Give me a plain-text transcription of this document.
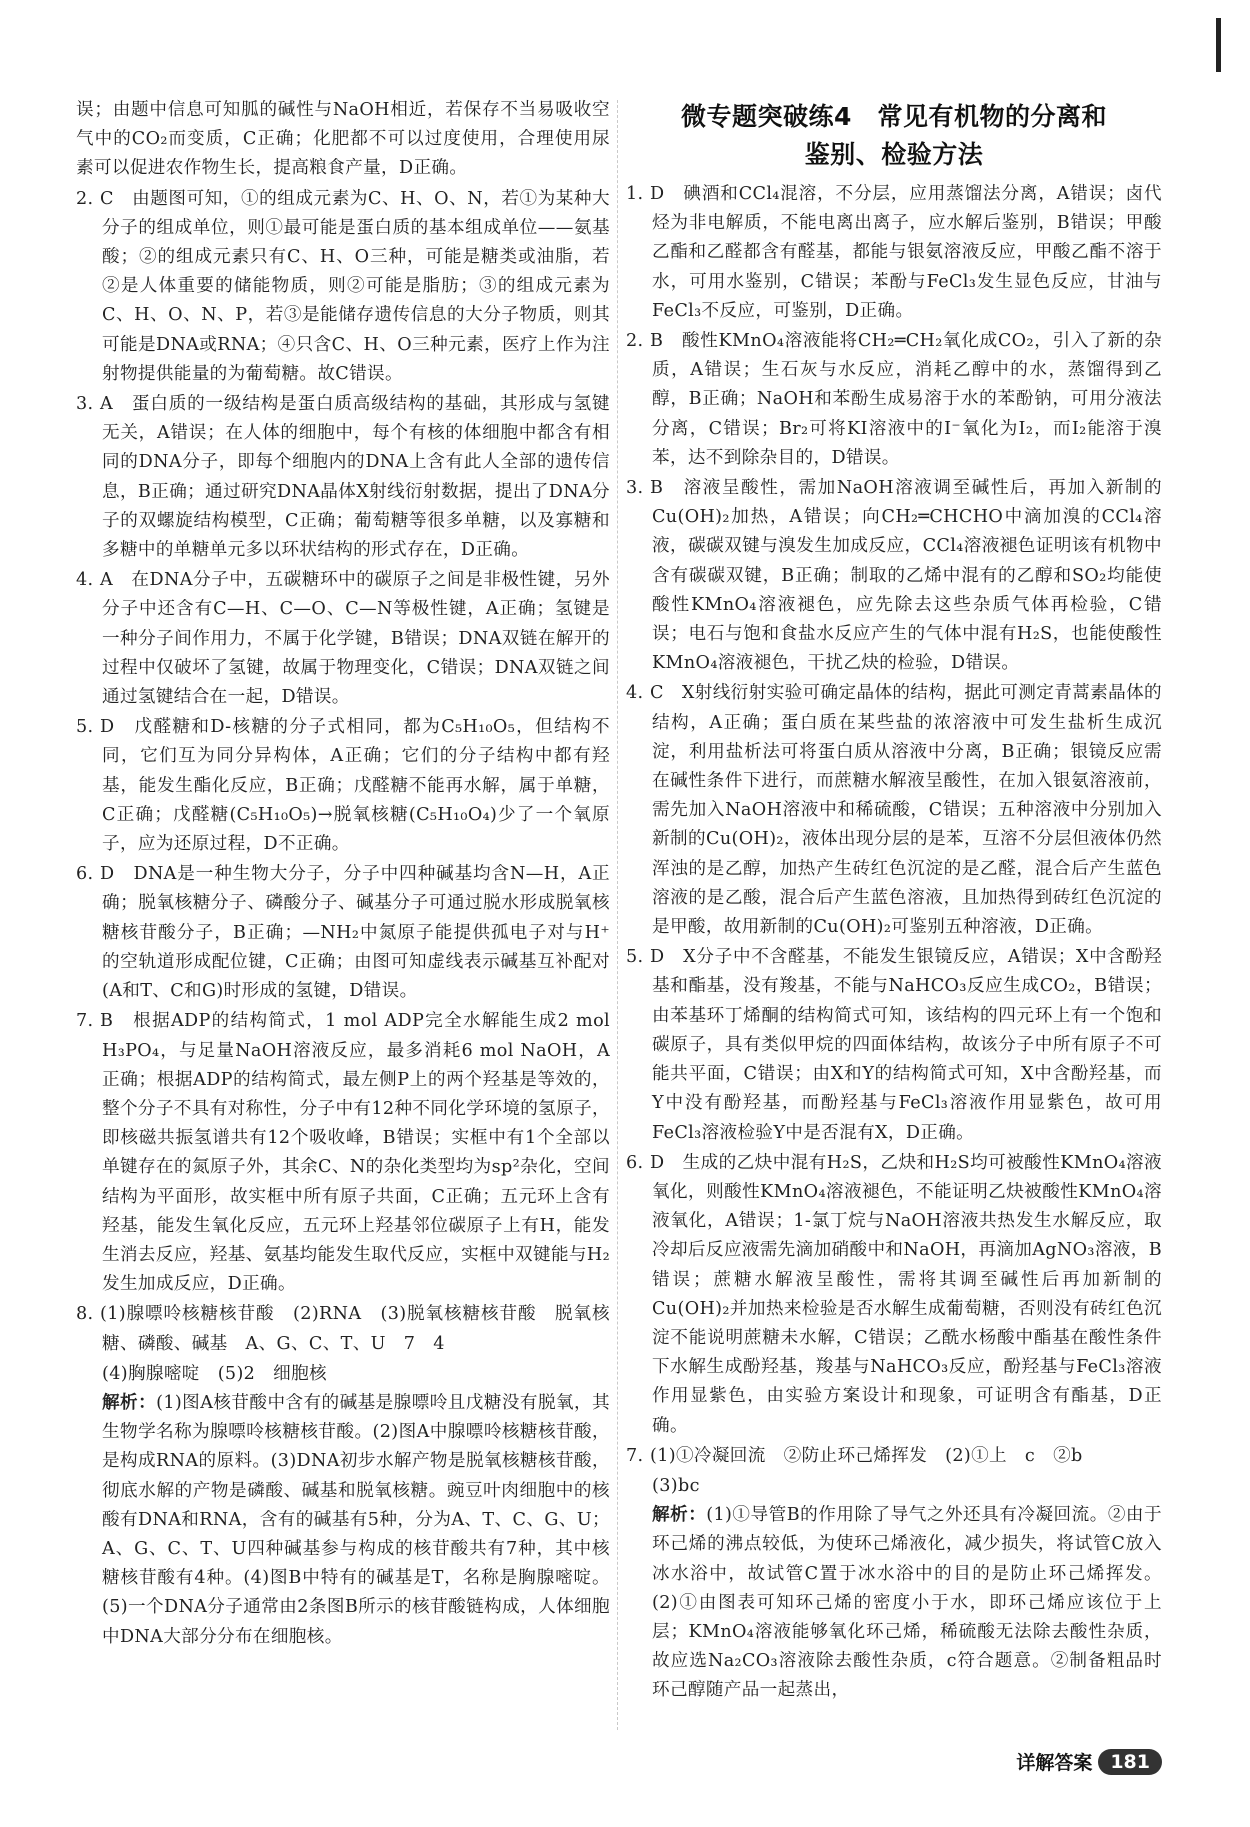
误；由题中信息可知胍的碱性与NaOH相近，若保存不当易吸收空气中的CO₂而变质，C正确；化肥都不可以过度使用，合理使用尿素可以促进农作物生长，提高粮食产量，D正确。
2. C　由题图可知，①的组成元素为C、H、O、N，若①为某种大分子的组成单位，则①最可能是蛋白质的基本组成单位——氨基酸；②的组成元素只有C、H、O三种，可能是糖类或油脂，若②是人体重要的储能物质，则②可能是脂肪；③的组成元素为C、H、O、N、P，若③是能储存遗传信息的大分子物质，则其可能是DNA或RNA；④只含C、H、O三种元素，医疗上作为注射物提供能量的为葡萄糖。故C错误。
3. A　蛋白质的一级结构是蛋白质高级结构的基础，其形成与氢键无关，A错误；在人体的细胞中，每个有核的体细胞中都含有相同的DNA分子，即每个细胞内的DNA上含有此人全部的遗传信息，B正确；通过研究DNA晶体X射线衍射数据，提出了DNA分子的双螺旋结构模型，C正确；葡萄糖等很多单糖，以及寡糖和多糖中的单糖单元多以环状结构的形式存在，D正确。
4. A　在DNA分子中，五碳糖环中的碳原子之间是非极性键，另外分子中还含有C—H、C—O、C—N等极性键，A正确；氢键是一种分子间作用力，不属于化学键，B错误；DNA双链在解开的过程中仅破坏了氢键，故属于物理变化，C错误；DNA双链之间通过氢键结合在一起，D错误。
5. D　戊醛糖和D-核糖的分子式相同，都为C₅H₁₀O₅，但结构不同，它们互为同分异构体，A正确；它们的分子结构中都有羟基，能发生酯化反应，B正确；戊醛糖不能再水解，属于单糖，C正确；戊醛糖(C₅H₁₀O₅)→脱氧核糖(C₅H₁₀O₄)少了一个氧原子，应为还原过程，D不正确。
6. D　DNA是一种生物大分子，分子中四种碱基均含N—H，A正确；脱氧核糖分子、磷酸分子、碱基分子可通过脱水形成脱氧核糖核苷酸分子，B正确；—NH₂中氮原子能提供孤电子对与H⁺的空轨道形成配位键，C正确；由图可知虚线表示碱基互补配对(A和T、C和G)时形成的氢键，D错误。
7. B　根据ADP的结构简式，1 mol ADP完全水解能生成2 mol H₃PO₄，与足量NaOH溶液反应，最多消耗6 mol NaOH，A正确；根据ADP的结构简式，最左侧P上的两个羟基是等效的，整个分子不具有对称性，分子中有12种不同化学环境的氢原子，即核磁共振氢谱共有12个吸收峰，B错误；实框中有1个全部以单键存在的氮原子外，其余C、N的杂化类型均为sp²杂化，空间结构为平面形，故实框中所有原子共面，C正确；五元环上含有羟基，能发生氧化反应，五元环上羟基邻位碳原子上有H，能发生消去反应，羟基、氨基均能发生取代反应，实框中双键能与H₂发生加成反应，D正确。
8. (1)腺嘌呤核糖核苷酸　(2)RNA　(3)脱氧核糖核苷酸　脱氧核糖、磷酸、碱基　A、G、C、T、U　7　4
(4)胸腺嘧啶　(5)2　细胞核
解析：(1)图A核苷酸中含有的碱基是腺嘌呤且戊糖没有脱氧，其生物学名称为腺嘌呤核糖核苷酸。(2)图A中腺嘌呤核糖核苷酸，是构成RNA的原料。(3)DNA初步水解产物是脱氧核糖核苷酸，彻底水解的产物是磷酸、碱基和脱氧核糖。豌豆叶肉细胞中的核酸有DNA和RNA，含有的碱基有5种，分为A、T、C、G、U；A、G、C、T、U四种碱基参与构成的核苷酸共有7种，其中核糖核苷酸有4种。(4)图B中特有的碱基是T，名称是胸腺嘧啶。(5)一个DNA分子通常由2条图B所示的核苷酸链构成，人体细胞中DNA大部分分布在细胞核。
微专题突破练4　常见有机物的分离和
鉴别、检验方法
1. D　碘酒和CCl₄混溶，不分层，应用蒸馏法分离，A错误；卤代烃为非电解质，不能电离出离子，应水解后鉴别，B错误；甲酸乙酯和乙醛都含有醛基，都能与银氨溶液反应，甲酸乙酯不溶于水，可用水鉴别，C错误；苯酚与FeCl₃发生显色反应，甘油与FeCl₃不反应，可鉴别，D正确。
2. B　酸性KMnO₄溶液能将CH₂═CH₂氧化成CO₂，引入了新的杂质，A错误；生石灰与水反应，消耗乙醇中的水，蒸馏得到乙醇，B正确；NaOH和苯酚生成易溶于水的苯酚钠，可用分液法分离，C错误；Br₂可将KI溶液中的I⁻氧化为I₂，而I₂能溶于溴苯，达不到除杂目的，D错误。
3. B　溶液呈酸性，需加NaOH溶液调至碱性后，再加入新制的Cu(OH)₂加热，A错误；向CH₂═CHCHO中滴加溴的CCl₄溶液，碳碳双键与溴发生加成反应，CCl₄溶液褪色证明该有机物中含有碳碳双键，B正确；制取的乙烯中混有的乙醇和SO₂均能使酸性KMnO₄溶液褪色，应先除去这些杂质气体再检验，C错误；电石与饱和食盐水反应产生的气体中混有H₂S，也能使酸性KMnO₄溶液褪色，干扰乙炔的检验，D错误。
4. C　X射线衍射实验可确定晶体的结构，据此可测定青蒿素晶体的结构，A正确；蛋白质在某些盐的浓溶液中可发生盐析生成沉淀，利用盐析法可将蛋白质从溶液中分离，B正确；银镜反应需在碱性条件下进行，而蔗糖水解液呈酸性，在加入银氨溶液前，需先加入NaOH溶液中和稀硫酸，C错误；五种溶液中分别加入新制的Cu(OH)₂，液体出现分层的是苯，互溶不分层但液体仍然浑浊的是乙醇，加热产生砖红色沉淀的是乙醛，混合后产生蓝色溶液的是乙酸，混合后产生蓝色溶液，且加热得到砖红色沉淀的是甲酸，故用新制的Cu(OH)₂可鉴别五种溶液，D正确。
5. D　X分子中不含醛基，不能发生银镜反应，A错误；X中含酚羟基和酯基，没有羧基，不能与NaHCO₃反应生成CO₂，B错误；由苯基环丁烯酮的结构简式可知，该结构的四元环上有一个饱和碳原子，具有类似甲烷的四面体结构，故该分子中所有原子不可能共平面，C错误；由X和Y的结构简式可知，X中含酚羟基，而Y中没有酚羟基，而酚羟基与FeCl₃溶液作用显紫色，故可用FeCl₃溶液检验Y中是否混有X，D正确。
6. D　生成的乙炔中混有H₂S，乙炔和H₂S均可被酸性KMnO₄溶液氧化，则酸性KMnO₄溶液褪色，不能证明乙炔被酸性KMnO₄溶液氧化，A错误；1-氯丁烷与NaOH溶液共热发生水解反应，取冷却后反应液需先滴加硝酸中和NaOH，再滴加AgNO₃溶液，B错误；蔗糖水解液呈酸性，需将其调至碱性后再加新制的Cu(OH)₂并加热来检验是否水解生成葡萄糖，否则没有砖红色沉淀不能说明蔗糖未水解，C错误；乙酰水杨酸中酯基在酸性条件下水解生成酚羟基，羧基与NaHCO₃反应，酚羟基与FeCl₃溶液作用显紫色，由实验方案设计和现象，可证明含有酯基，D正确。
7. (1)①冷凝回流　②防止环己烯挥发　(2)①上　c　②b
(3)bc
解析：(1)①导管B的作用除了导气之外还具有冷凝回流。②由于环己烯的沸点较低，为使环己烯液化，减少损失，将试管C放入冰水浴中，故试管C置于冰水浴中的目的是防止环己烯挥发。(2)①由图表可知环己烯的密度小于水，即环己烯应该位于上层；KMnO₄溶液能够氧化环己烯，稀硫酸无法除去酸性杂质，故应选Na₂CO₃溶液除去酸性杂质，c符合题意。②制备粗品时环己醇随产品一起蒸出，
详解答案 181
